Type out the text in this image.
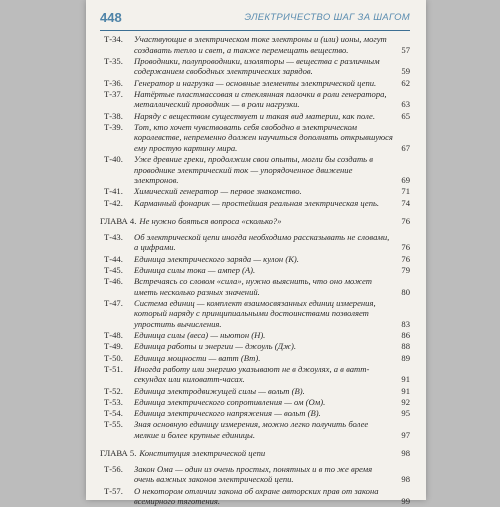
448	ЭЛЕКТРИЧЕСТВО ШАГ ЗА ШАГОМ
Т-34.	Участвующие в электрическом токе электроны и (или) ионы, могут создавать тепло и свет, а также перемещать вещество.	57
Т-35.	Проводники, полупроводники, изоляторы — вещества с различным содержанием свободных электрических зарядов.	59
Т-36.	Генератор и нагрузка — основные элементы электрической цепи.	62
Т-37.	Натёртые пластмассовая и стеклянная палочки в роли генератора, металлический проводник — в роли нагрузки.	63
Т-38.	Наряду с веществом существует и такая вид материи, как поле.	65
Т-39.	Тот, кто хочет чувствовать себя свободно в электрическом королевстве, непременно должен научиться дополнять открывшуюся ему простую картину мира.	67
Т-40.	Уже древние греки, продолжим свои опыты, могли бы создать в проводнике электрический ток — упорядоченное движение электронов.	69
Т-41.	Химический генератор — первое знакомство.	71
Т-42.	Карманный фонарик — простейшая реальная электрическая цепь.	74
ГЛАВА 4. Не нужно бояться вопроса «сколько?»	76
Т-43.	Об электрической цепи иногда необходимо рассказывать не словами, а цифрами.	76
Т-44.	Единица электрического заряда — кулон (К).	76
Т-45.	Единица силы тока — ампер (А).	79
Т-46.	Встречаясь со словом «сила», нужно выяснить, что оно может иметь несколько разных значений.	80
Т-47.	Система единиц — комплект взаимосвязанных единиц измерения, который наряду с принципиальными достоинствами позволяет упростить вычисления.	83
Т-48.	Единица силы (веса) — ньютон (Н).	86
Т-49.	Единица работы и энергии — джоуль (Дж).	88
Т-50.	Единица мощности — ватт (Вт).	89
Т-51.	Иногда работу или энергию указывают не в джоулях, а в ватт-секундах или киловатт-часах.	91
Т-52.	Единица электродвижущей силы — вольт (В).	91
Т-53.	Единица электрического сопротивления — ом (Ом).	92
Т-54.	Единица электрического напряжения — вольт (В).	95
Т-55.	Зная основную единицу измерения, можно легко получить более мелкие и более крупные единицы.	97
ГЛАВА 5. Конституция электрической цепи	98
Т-56.	Закон Ома — один из очень простых, понятных и в то же время очень важных законов электрической цепи.	98
Т-57.	О некотором отличии закона об охране авторских прав от закона всемирного тяготения.	99
